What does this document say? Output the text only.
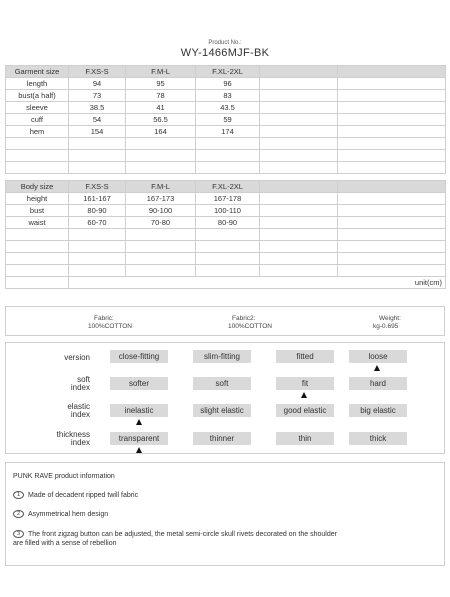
Product No.:
WY-1466MJF-BK
Garment size	F.XS-S	F.M-L	F.XL-2XL		
length	94	95	96		
bust(a half)	73	78	83		
sleeve	38.5	41	43.5		
cuff	54	56.5	59		
hem	154	164	174		

Body size	F.XS-S	F.M-L	F.XL-2XL		
height	161-167	167-173	167-178		
bust	80-90	90-100	100-110		
waist	60-70	70-80	80-90		

	unit(cm)				
Fabric:
100%COTTON
Fabric2:
100%COTTON
Weight:
kg-0.695
version	close-fitting	slim-fitting	fitted	loose
soft index	softer	soft	fit	hard
elastic index	inelastic	slight elastic	good elastic	big elastic
thickness index	transparent	thinner	thin	thick
PUNK RAVE product information
1 Made of decadent ripped twill fabric
2 Asymmetrical hem design
3 The front zigzag button can be adjusted, the metal semi-circle skull rivets decorated on the shoulder are filled with a sense of rebellion
